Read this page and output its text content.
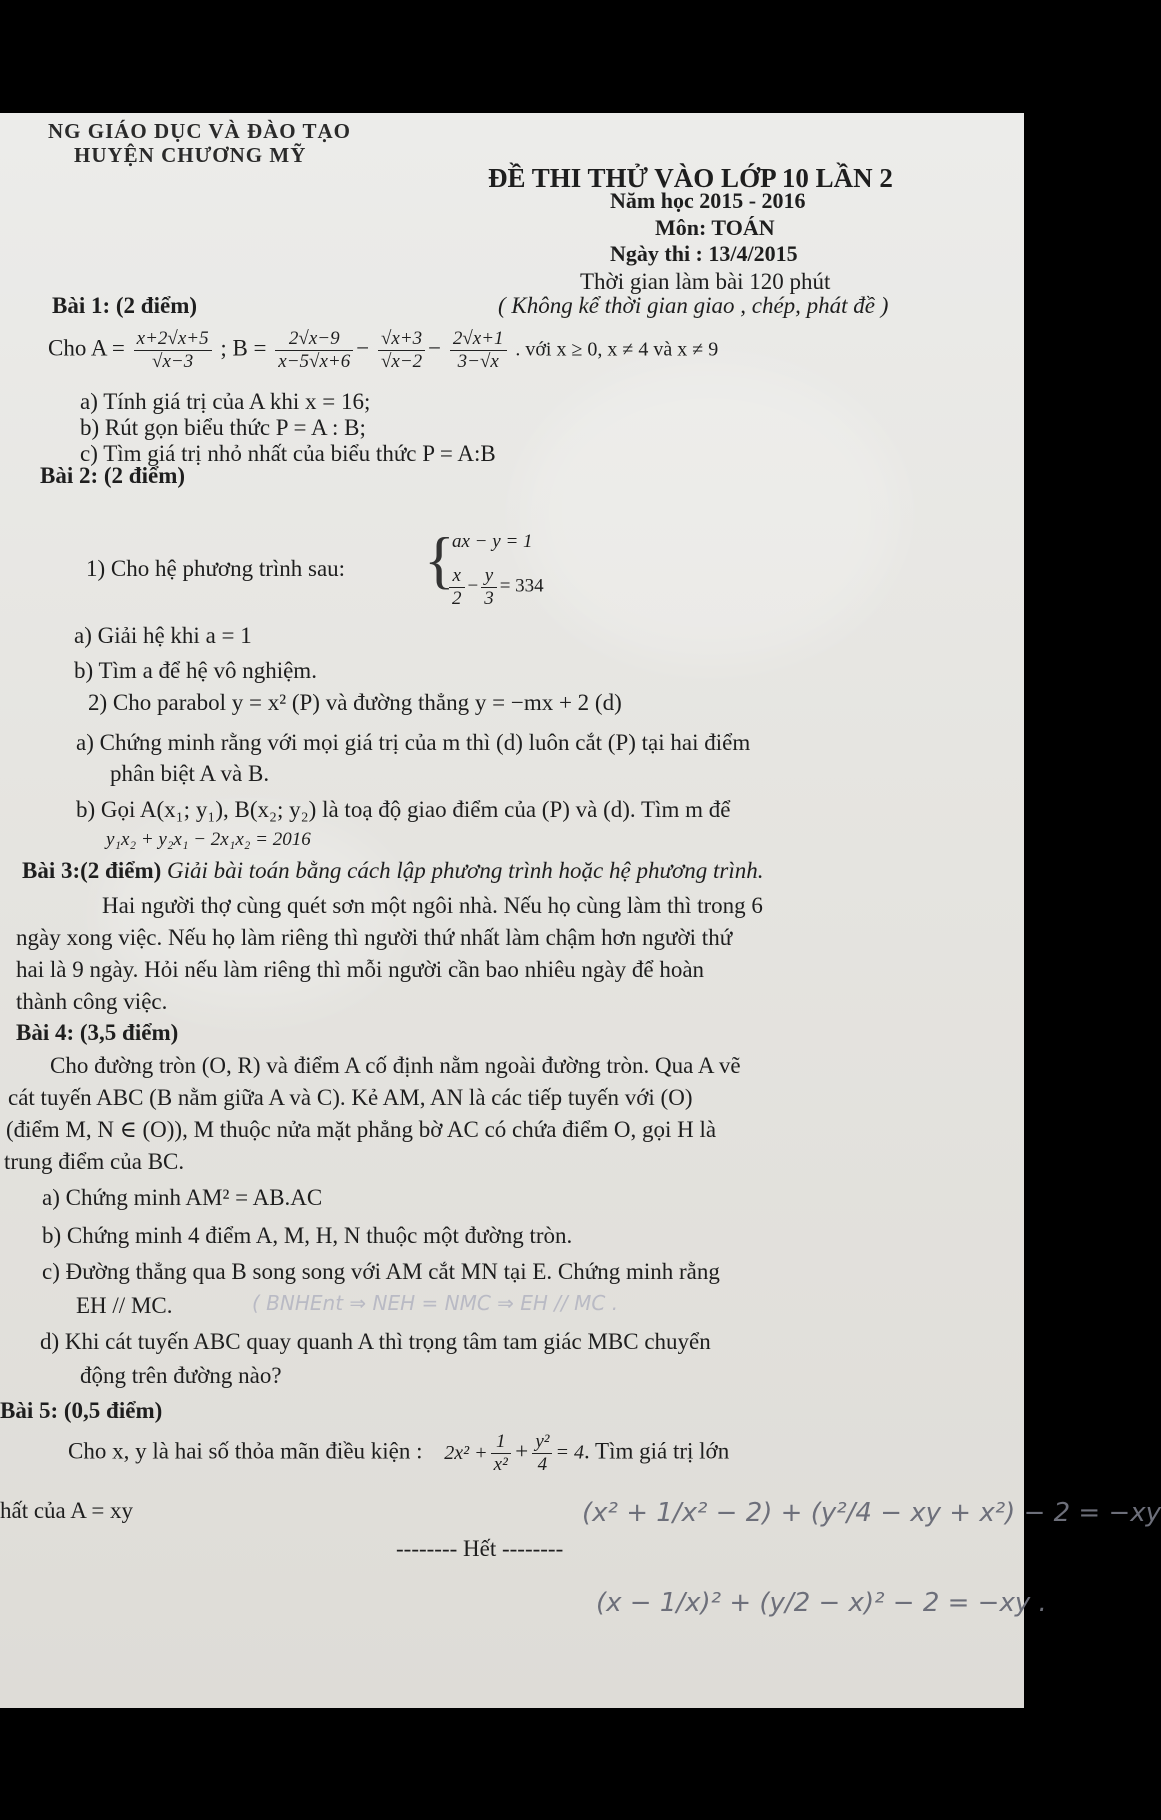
NG GIÁO DỤC VÀ ĐÀO TẠO
HUYỆN CHƯƠNG MỸ
ĐỀ THI THỬ VÀO LỚP 10 LẦN 2
Năm học 2015 - 2016
Môn: TOÁN
Ngày thi : 13/4/2015
Thời gian làm bài 120 phút
( Không kể thời gian giao , chép, phát đề )
Bài 1: (2 điểm)
Cho $A = \frac{x+2√x+5}{√x-3}$ ; $B = \frac{2√x-9}{x-5√x+6} - \frac{√x+3}{√x-2} - \frac{2√x+1}{3-√x}$ . với x ≥ 0, x ≠ 4 và x ≠ 9
a) Tính giá trị của A khi x = 16;
b) Rút gọn biểu thức P = A : B;
c) Tìm giá trị nhỏ nhất của biểu thức P = A:B
Bài 2: (2 điểm)
1) Cho hệ phương trình sau: {
ax − y = 1
$\frac{x}{2} - \frac{y}{3} = 334$
a) Giải hệ khi a = 1
b) Tìm a để hệ vô nghiệm.
2) Cho parabol y = x² (P) và đường thẳng y = −mx + 2 (d)
a) Chứng minh rằng với mọi giá trị của m thì (d) luôn cắt (P) tại hai điểm
phân biệt A và B.
b) Gọi A(x₁; y₁), B(x₂; y₂) là toạ độ giao điểm của (P) và (d). Tìm m để
y₁x₂ + y₂x₁ − 2x₁x₂ = 2016
Bài 3:(2 điểm) Giải bài toán bằng cách lập phương trình hoặc hệ phương trình.
Hai người thợ cùng quét sơn một ngôi nhà. Nếu họ cùng làm thì trong 6
ngày xong việc. Nếu họ làm riêng thì người thứ nhất làm chậm hơn người thứ
hai là 9 ngày. Hỏi nếu làm riêng thì mỗi người cần bao nhiêu ngày để hoàn
thành công việc.
Bài 4: (3,5 điểm)
Cho đường tròn (O, R) và điểm A cố định nằm ngoài đường tròn. Qua A vẽ
cát tuyến ABC (B nằm giữa A và C). Kẻ AM, AN là các tiếp tuyến với (O)
(điểm M, N ∈ (O)), M thuộc nửa mặt phẳng bờ AC có chứa điểm O, gọi H là
trung điểm của BC.
a) Chứng minh AM² = AB.AC
b) Chứng minh 4 điểm A, M, H, N thuộc một đường tròn.
c) Đường thẳng qua B song song với AM cắt MN tại E. Chứng minh rằng
EH // MC.	( BNHEnt ⇒ NEH = NMC ⇒ EH // MC .
d) Khi cát tuyến ABC quay quanh A thì trọng tâm tam giác MBC chuyển
động trên đường nào?
Bài 5: (0,5 điểm)
Cho x, y là hai số thỏa mãn điều kiện : $2x^2 + \frac{1}{\text{x²}} + \frac{\text{y²}}{4} = 4$. Tìm giá trị lớn
hất của A = xy
-------- Hết --------
(x² + 1/x² − 2) + (y²/4 − xy + x²) − 2 = −xy
(x − 1/x)² + (y/2 − x)² − 2 = −xy .
